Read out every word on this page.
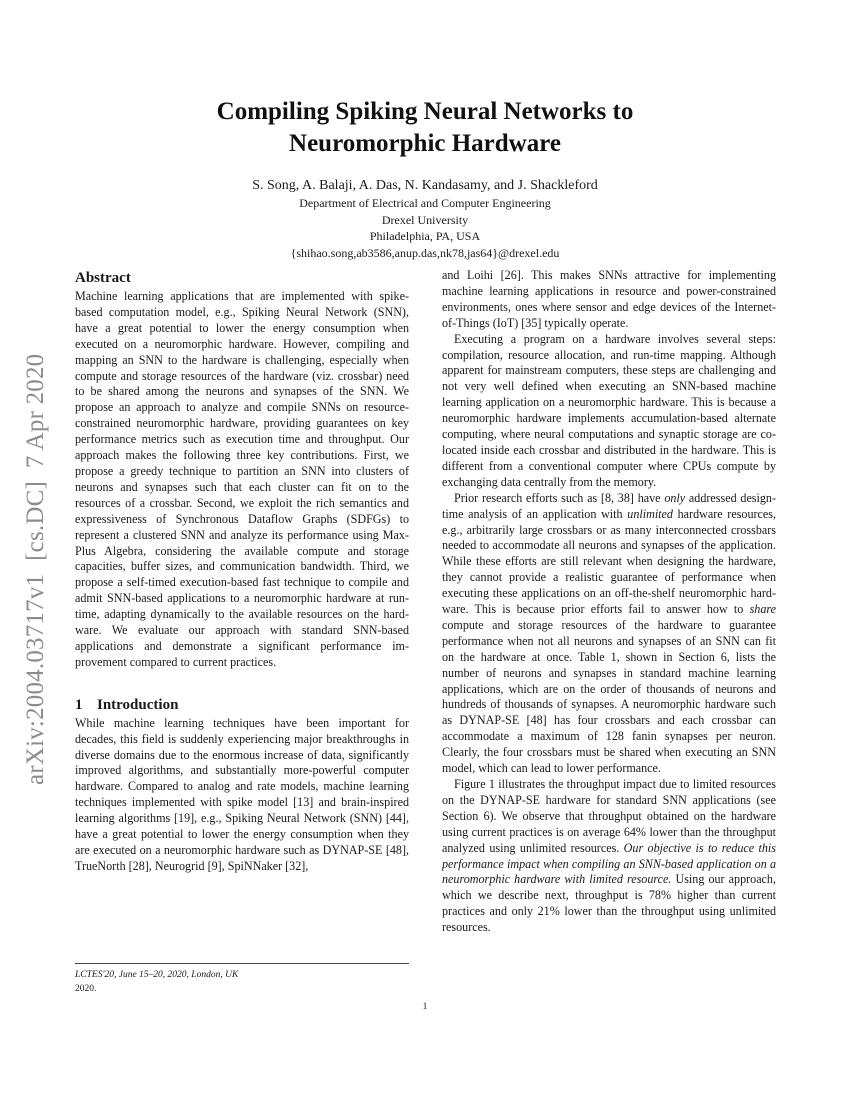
arXiv:2004.03717v1  [cs.DC]  7 Apr 2020
Compiling Spiking Neural Networks to
Neuromorphic Hardware
S. Song, A. Balaji, A. Das, N. Kandasamy, and J. Shackleford
Department of Electrical and Computer Engineering
Drexel University
Philadelphia, PA, USA
{shihao.song,ab3586,anup.das,nk78,jas64}@drexel.edu
Abstract

Machine learning applications that are implemented with spike-based computation model, e.g., Spiking Neural Network (SNN), have a great potential to lower the energy consumption when executed on a neuromorphic hardware. However, compiling and mapping an SNN to the hardware is challenging, especially when compute and storage resources of the hardware (viz. crossbar) need to be shared among the neurons and synapses of the SNN. We propose an approach to analyze and compile SNNs on resource-constrained neuromorphic hardware, providing guarantees on key performance metrics such as execution time and throughput. Our approach makes the following three key contributions. First, we propose a greedy technique to partition an SNN into clusters of neurons and synapses such that each cluster can fit on to the resources of a crossbar. Second, we exploit the rich semantics and expressiveness of Synchronous Dataflow Graphs (SDFGs) to represent a clustered SNN and analyze its performance using Max-Plus Algebra, considering the available compute and storage capacities, buffer sizes, and communication bandwidth. Third, we propose a self-timed execution-based fast technique to compile and admit SNN-based applications to a neuromorphic hardware at run-time, adapting dynamically to the available resources on the hardware. We evaluate our approach with standard SNN-based applications and demonstrate a significant performance improvement compared to current practices.

1 Introduction

While machine learning techniques have been important for decades, this field is suddenly experiencing major breakthroughs in diverse domains due to the enormous increase of data, significantly improved algorithms, and substantially more-powerful computer hardware. Compared to analog and rate models, machine learning techniques implemented with spike model [13] and brain-inspired learning algorithms [19], e.g., Spiking Neural Network (SNN) [44], have a great potential to lower the energy consumption when they are executed on a neuromorphic hardware such as DYNAP-SE [48], TrueNorth [28], Neurogrid [9], SpiNNaker [32],

and Loihi [26]. This makes SNNs attractive for implementing machine learning applications in resource and power-constrained environments, ones where sensor and edge devices of the Internet-of-Things (IoT) [35] typically operate.

Executing a program on a hardware involves several steps: compilation, resource allocation, and run-time mapping. Although apparent for mainstream computers, these steps are challenging and not very well defined when executing an SNN-based machine learning application on a neuromorphic hardware. This is because a neuromorphic hardware implements accumulation-based alternate computing, where neural computations and synaptic storage are co-located inside each crossbar and distributed in the hardware. This is different from a conventional computer where CPUs compute by exchanging data centrally from the memory.

Prior research efforts such as [8, 38] have only addressed design-time analysis of an application with unlimited hardware resources, e.g., arbitrarily large crossbars or as many interconnected crossbars needed to accommodate all neurons and synapses of the application. While these efforts are still relevant when designing the hardware, they cannot provide a realistic guarantee of performance when executing these applications on an off-the-shelf neuromorphic hardware. This is because prior efforts fail to answer how to share compute and storage resources of the hardware to guarantee performance when not all neurons and synapses of an SNN can fit on the hardware at once. Table 1, shown in Section 6, lists the number of neurons and synapses in standard machine learning applications, which are on the order of thousands of neurons and hundreds of thousands of synapses. A neuromorphic hardware such as DYNAP-SE [48] has four crossbars and each crossbar can accommodate a maximum of 128 fanin synapses per neuron. Clearly, the four crossbars must be shared when executing an SNN model, which can lead to lower performance.

Figure 1 illustrates the throughput impact due to limited resources on the DYNAP-SE hardware for standard SNN applications (see Section 6). We observe that throughput obtained on the hardware using current practices is on average 64% lower than the throughput analyzed using unlimited resources. Our objective is to reduce this performance impact when compiling an SNN-based application on a neuromorphic hardware with limited resource. Using our approach, which we describe next, throughput is 78% higher than current practices and only 21% lower than the throughput using unlimited resources.

LCTES'20, June 15–20, 2020, London, UK
2020.
1
